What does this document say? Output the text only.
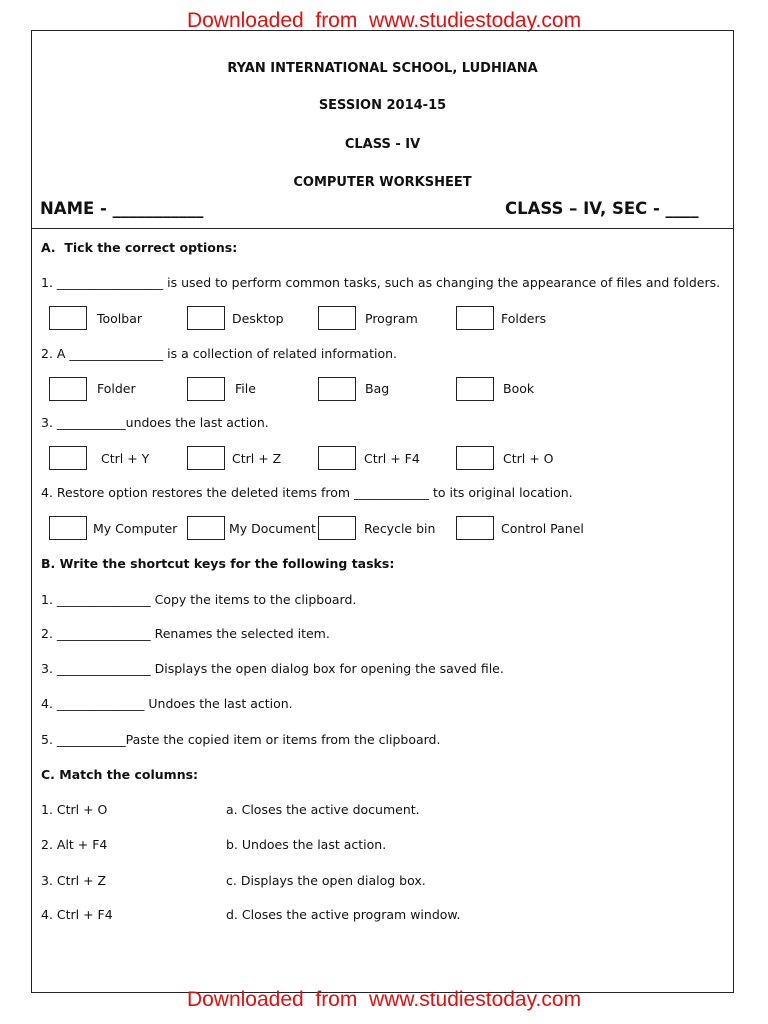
Downloaded  from  www.studiestoday.com
RYAN INTERNATIONAL SCHOOL, LUDHIANA
SESSION 2014-15
CLASS - IV
COMPUTER WORKSHEET
NAME - ___________	CLASS – IV, SEC - ____
A.  Tick the correct options:
1. _________________ is used to perform common tasks, such as changing the appearance of files and folders.
Toolbar	Desktop	Program	Folders
2. A _______________ is a collection of related information.
Folder	File	Bag	Book
3. ___________undoes the last action.
Ctrl + Y	Ctrl + Z	Ctrl + F4	Ctrl + O
4. Restore option restores the deleted items from ____________ to its original location.
My Computer	My Document	Recycle bin	Control Panel
B. Write the shortcut keys for the following tasks:
1. _______________ Copy the items to the clipboard.
2. _______________ Renames the selected item.
3. _______________ Displays the open dialog box for opening the saved file.
4. ______________ Undoes the last action.
5. ___________Paste the copied item or items from the clipboard.
C. Match the columns:
1. Ctrl + O	a. Closes the active document.
2. Alt + F4	b. Undoes the last action.
3. Ctrl + Z	c. Displays the open dialog box.
4. Ctrl + F4	d. Closes the active program window.
Downloaded  from  www.studiestoday.com
